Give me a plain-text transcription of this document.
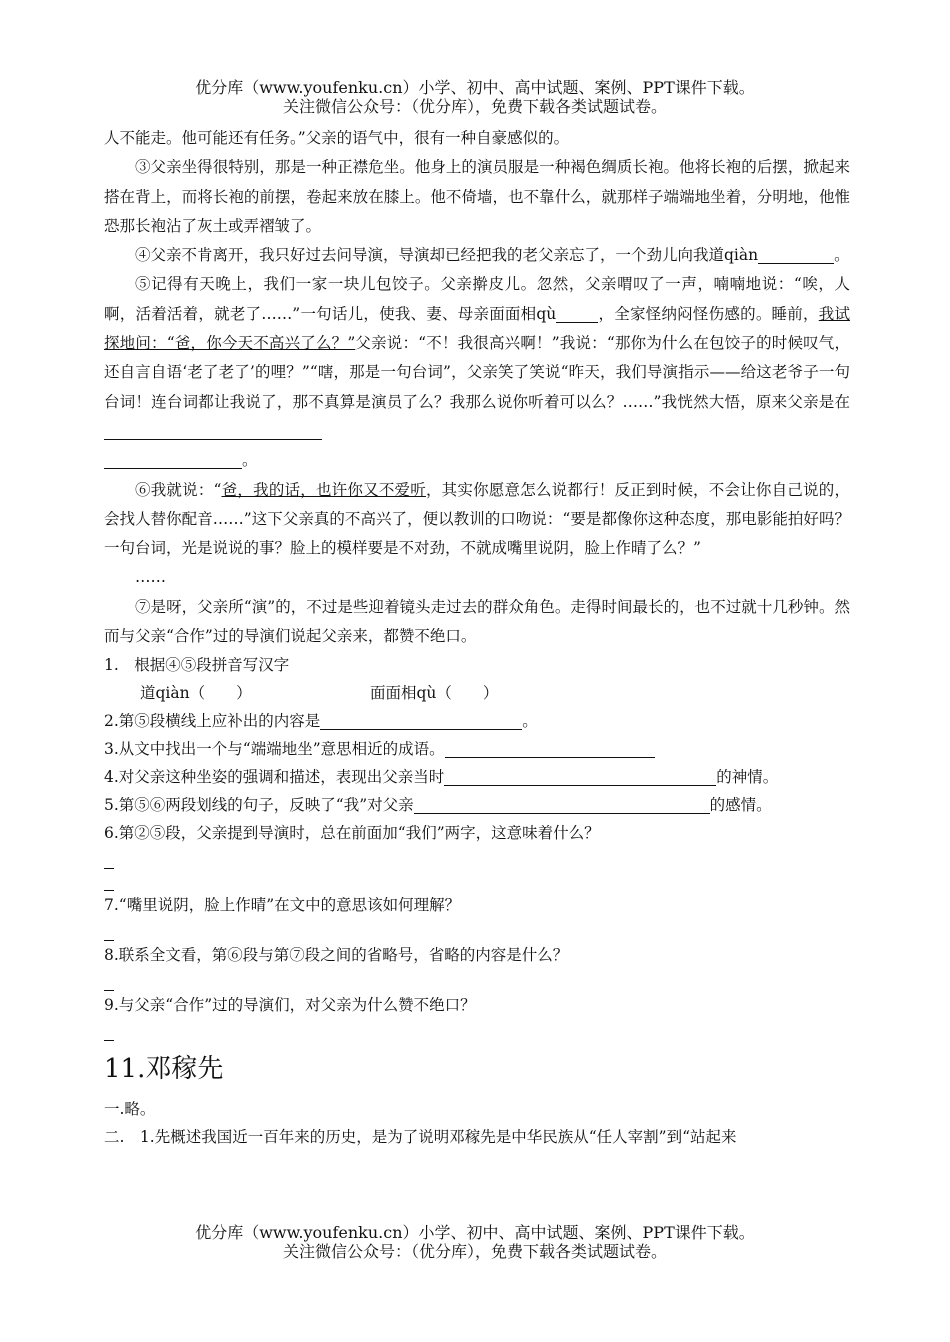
优分库（www.youfenku.cn）小学、初中、高中试题、案例、PPT课件下载。
关注微信公众号：（优分库），免费下载各类试题试卷。
人不能走。他可能还有任务。”父亲的语气中，很有一种自豪感似的。
③父亲坐得很特别，那是一种正襟危坐。他身上的演员服是一种褐色绸质长袍。他将长袍的后摆，掀起来搭在背上，而将长袍的前摆，卷起来放在膝上。他不倚墙，也不靠什么，就那样子端端地坐着，分明地，他惟恐那长袍沾了灰土或弄褶皱了。
④父亲不肯离开，我只好过去问导演，导演却已经把我的老父亲忘了，一个劲儿向我道qiàn	。
⑤记得有天晚上，我们一家一块儿包饺子。父亲擀皮儿。忽然，父亲喟叹了一声，喃喃地说：“唉，人啊，活着活着，就老了……”一句话儿，使我、妻、母亲面面相qù	，全家怪纳闷怪伤感的。睡前，我试探地问：“爸，你今天不高兴了么？”父亲说：“不！我很高兴啊！”我说：“那你为什么在包饺子的时候叹气，还自言自语‘老了老了’的哩？”“嗐，那是一句台词”，父亲笑了笑说“昨天，我们导演指示——给这老爷子一句台词！连台词都让我说了，那不真算是演员了么？我那么说你听着可以么？……”我恍然大悟，原来父亲是在
。
⑥我就说：“爸，我的话，也许你又不爱听，其实你愿意怎么说都行！反正到时候，不会让你自己说的，会找人替你配音……”这下父亲真的不高兴了，便以教训的口吻说：“要是都像你这种态度，那电影能拍好吗？一句台词，光是说说的事？脸上的模样要是不对劲，不就成嘴里说阴，脸上作晴了么？”
……
⑦是呀，父亲所“演”的，不过是些迎着镜头走过去的群众角色。走得时间最长的，也不过就十几秒钟。然而与父亲“合作”过的导演们说起父亲来，都赞不绝口。
1.　根据④⑤段拼音写汉字
道qiàn（　　）	面面相qù（　　）
2.第⑤段横线上应补出的内容是	。
3.从文中找出一个与“端端地坐”意思相近的成语。
4.对父亲这种坐姿的强调和描述，表现出父亲当时	的神情。
5.第⑤⑥两段划线的句子，反映了“我”对父亲	的感情。
6.第②⑤段，父亲提到导演时，总在前面加“我们”两字，这意味着什么？
7.“嘴里说阴，脸上作晴”在文中的意思该如何理解？
8.联系全文看，第⑥段与第⑦段之间的省略号，省略的内容是什么？
9.与父亲“合作”过的导演们，对父亲为什么赞不绝口？
11.邓稼先
一.略。
二.　1.先概述我国近一百年来的历史，是为了说明邓稼先是中华民族从“任人宰割”到“站起来
优分库（www.youfenku.cn）小学、初中、高中试题、案例、PPT课件下载。
关注微信公众号：（优分库），免费下载各类试题试卷。
